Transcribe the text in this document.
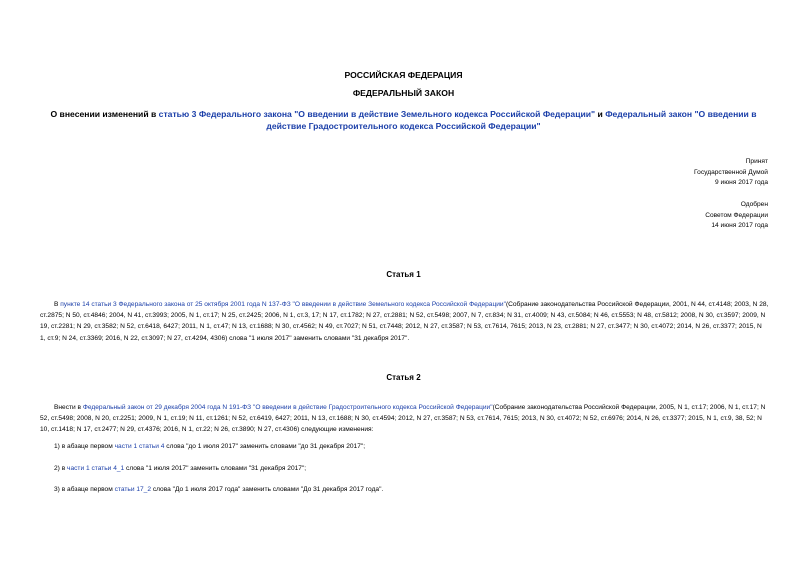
РОССИЙСКАЯ ФЕДЕРАЦИЯ
ФЕДЕРАЛЬНЫЙ ЗАКОН
О внесении изменений в статью 3 Федерального закона "О введении в действие Земельного кодекса Российской Федерации" и Федеральный закон "О введении в действие Градостроительного кодекса Российской Федерации"
Принят
Государственной Думой
9 июня 2017 года
Одобрен
Советом Федерации
14 июня 2017 года
Статья 1
В пункте 14 статьи 3 Федерального закона от 25 октября 2001 года N 137-ФЗ "О введении в действие Земельного кодекса Российской Федерации"(Собрание законодательства Российской Федерации, 2001, N 44, ст.4148; 2003, N 28, ст.2875; N 50, ст.4846; 2004, N 41, ст.3993; 2005, N 1, ст.17; N 25, ст.2425; 2006, N 1, ст.3, 17; N 17, ст.1782; N 27, ст.2881; N 52, ст.5498; 2007, N 7, ст.834; N 31, ст.4009; N 43, ст.5084; N 46, ст.5553; N 48, ст.5812; 2008, N 30, ст.3597; 2009, N 19, ст.2281; N 29, ст.3582; N 52, ст.6418, 6427; 2011, N 1, ст.47; N 13, ст.1688; N 30, ст.4562; N 49, ст.7027; N 51, ст.7448; 2012, N 27, ст.3587; N 53, ст.7614, 7615; 2013, N 23, ст.2881; N 27, ст.3477; N 30, ст.4072; 2014, N 26, ст.3377; 2015, N 1, ст.9; N 24, ст.3369; 2016, N 22, ст.3097; N 27, ст.4294, 4306) слова "1 июля 2017" заменить словами "31 декабря 2017".
Статья 2
Внести в Федеральный закон от 29 декабря 2004 года N 191-ФЗ "О введении в действие Градостроительного кодекса Российской Федерации"(Собрание законодательства Российской Федерации, 2005, N 1, ст.17; 2006, N 1, ст.17; N 52, ст.5498; 2008, N 20, ст.2251; 2009, N 1, ст.19; N 11, ст.1261; N 52, ст.6419, 6427; 2011, N 13, ст.1688; N 30, ст.4594; 2012, N 27, ст.3587; N 53, ст.7614, 7615; 2013, N 30, ст.4072; N 52, ст.6976; 2014, N 26, ст.3377; 2015, N 1, ст.9, 38, 52; N 10, ст.1418; N 17, ст.2477; N 29, ст.4376; 2016, N 1, ст.22; N 26, ст.3890; N 27, ст.4306) следующие изменения:
1) в абзаце первом части 1 статьи 4 слова "до 1 июля 2017" заменить словами "до 31 декабря 2017";
2) в части 1 статьи 4_1 слова "1 июля 2017" заменить словами "31 декабря 2017";
3) в абзаце первом статьи 17_2 слова "До 1 июля 2017 года" заменить словами "До 31 декабря 2017 года".
